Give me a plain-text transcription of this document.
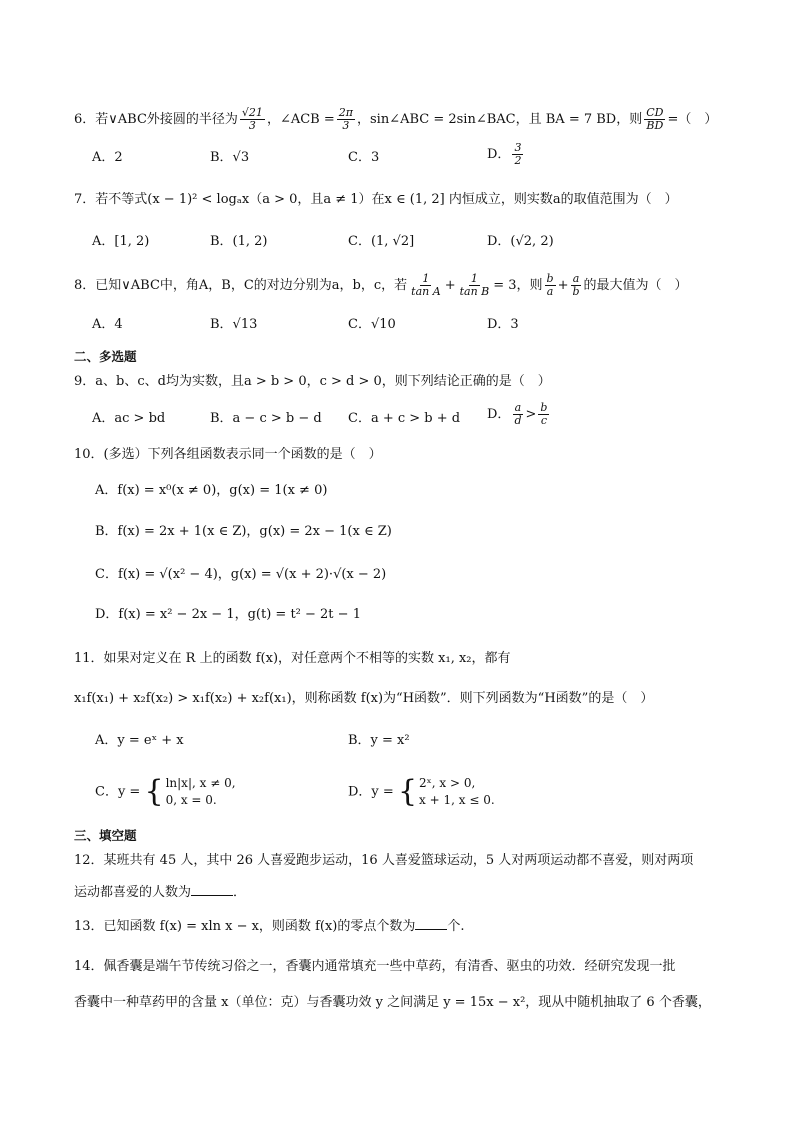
6．若∨ABC外接圆的半径为 $\frac{√21}{3}$ ，∠ACB = $\frac{2\pi}{3}$ ，sin∠ABC = 2sin∠BAC，且 BA = 7 BD，则 $\frac{CD}{BD}$ =（　）
A．2	B．√3	C．3	D． $\frac{3}{2}$
7．若不等式(x − 1)² < logₐx（a > 0，且a ≠ 1）在x ∈ (1, 2] 内恒成立，则实数a的取值范围为（　）
A．[1, 2)	B．(1, 2)	C．(1, √2]	D．(√2, 2)
8．已知∨ABC中，角A，B，C的对边分别为a，b，c，若 $\frac{1}{\text{tan A}} + \frac{1}{\text{tan B}} = 3$，则 $\frac{b}{a} + \frac{a}{b}$ 的最大值为（　）
A．4	B．√13	C．√10	D．3
二、多选题
9．a、b、c、d均为实数，且a > b > 0，c > d > 0，则下列结论正确的是（　）
A．ac > bd	B．a − c > b − d C．a + c > b + d D． $\frac{a}{d} > \frac{b}{c}$
10．(多选）下列各组函数表示同一个函数的是（　）
A．f(x) = x⁰(x ≠ 0)，g(x) = 1(x ≠ 0)
B．f(x) = 2x + 1(x ∈ Z)，g(x) = 2x − 1(x ∈ Z)
C．f(x) = √(x² − 4)，g(x) = √(x + 2)·√(x − 2)
D．f(x) = x² − 2x − 1，g(t) = t² − 2t − 1
11．如果对定义在 R 上的函数 f(x)，对任意两个不相等的实数 x₁, x₂，都有
x₁f(x₁) + x₂f(x₂) > x₁f(x₂) + x₂f(x₁)，则称函数 f(x)为“H函数”．则下列函数为“H函数”的是（　）
A．y = eˣ + x	B．y = x²
C．y = { ln|x|, x ≠ 0,
0, x = 0.
D．y = { 2ˣ, x > 0,
x + 1, x ≤ 0.
三、填空题
12．某班共有 45 人，其中 26 人喜爱跑步运动，16 人喜爱篮球运动，5 人对两项运动都不喜爱，则对两项
运动都喜爱的人数为	．
13．已知函数 f(x) = xln x − x，则函数 f(x)的零点个数为 个.
14．佩香囊是端午节传统习俗之一，香囊内通常填充一些中草药，有清香、驱虫的功效．经研究发现一批
香囊中一种草药甲的含量 x（单位：克）与香囊功效 y 之间满足 y = 15x − x²，现从中随机抽取了 6 个香囊，
